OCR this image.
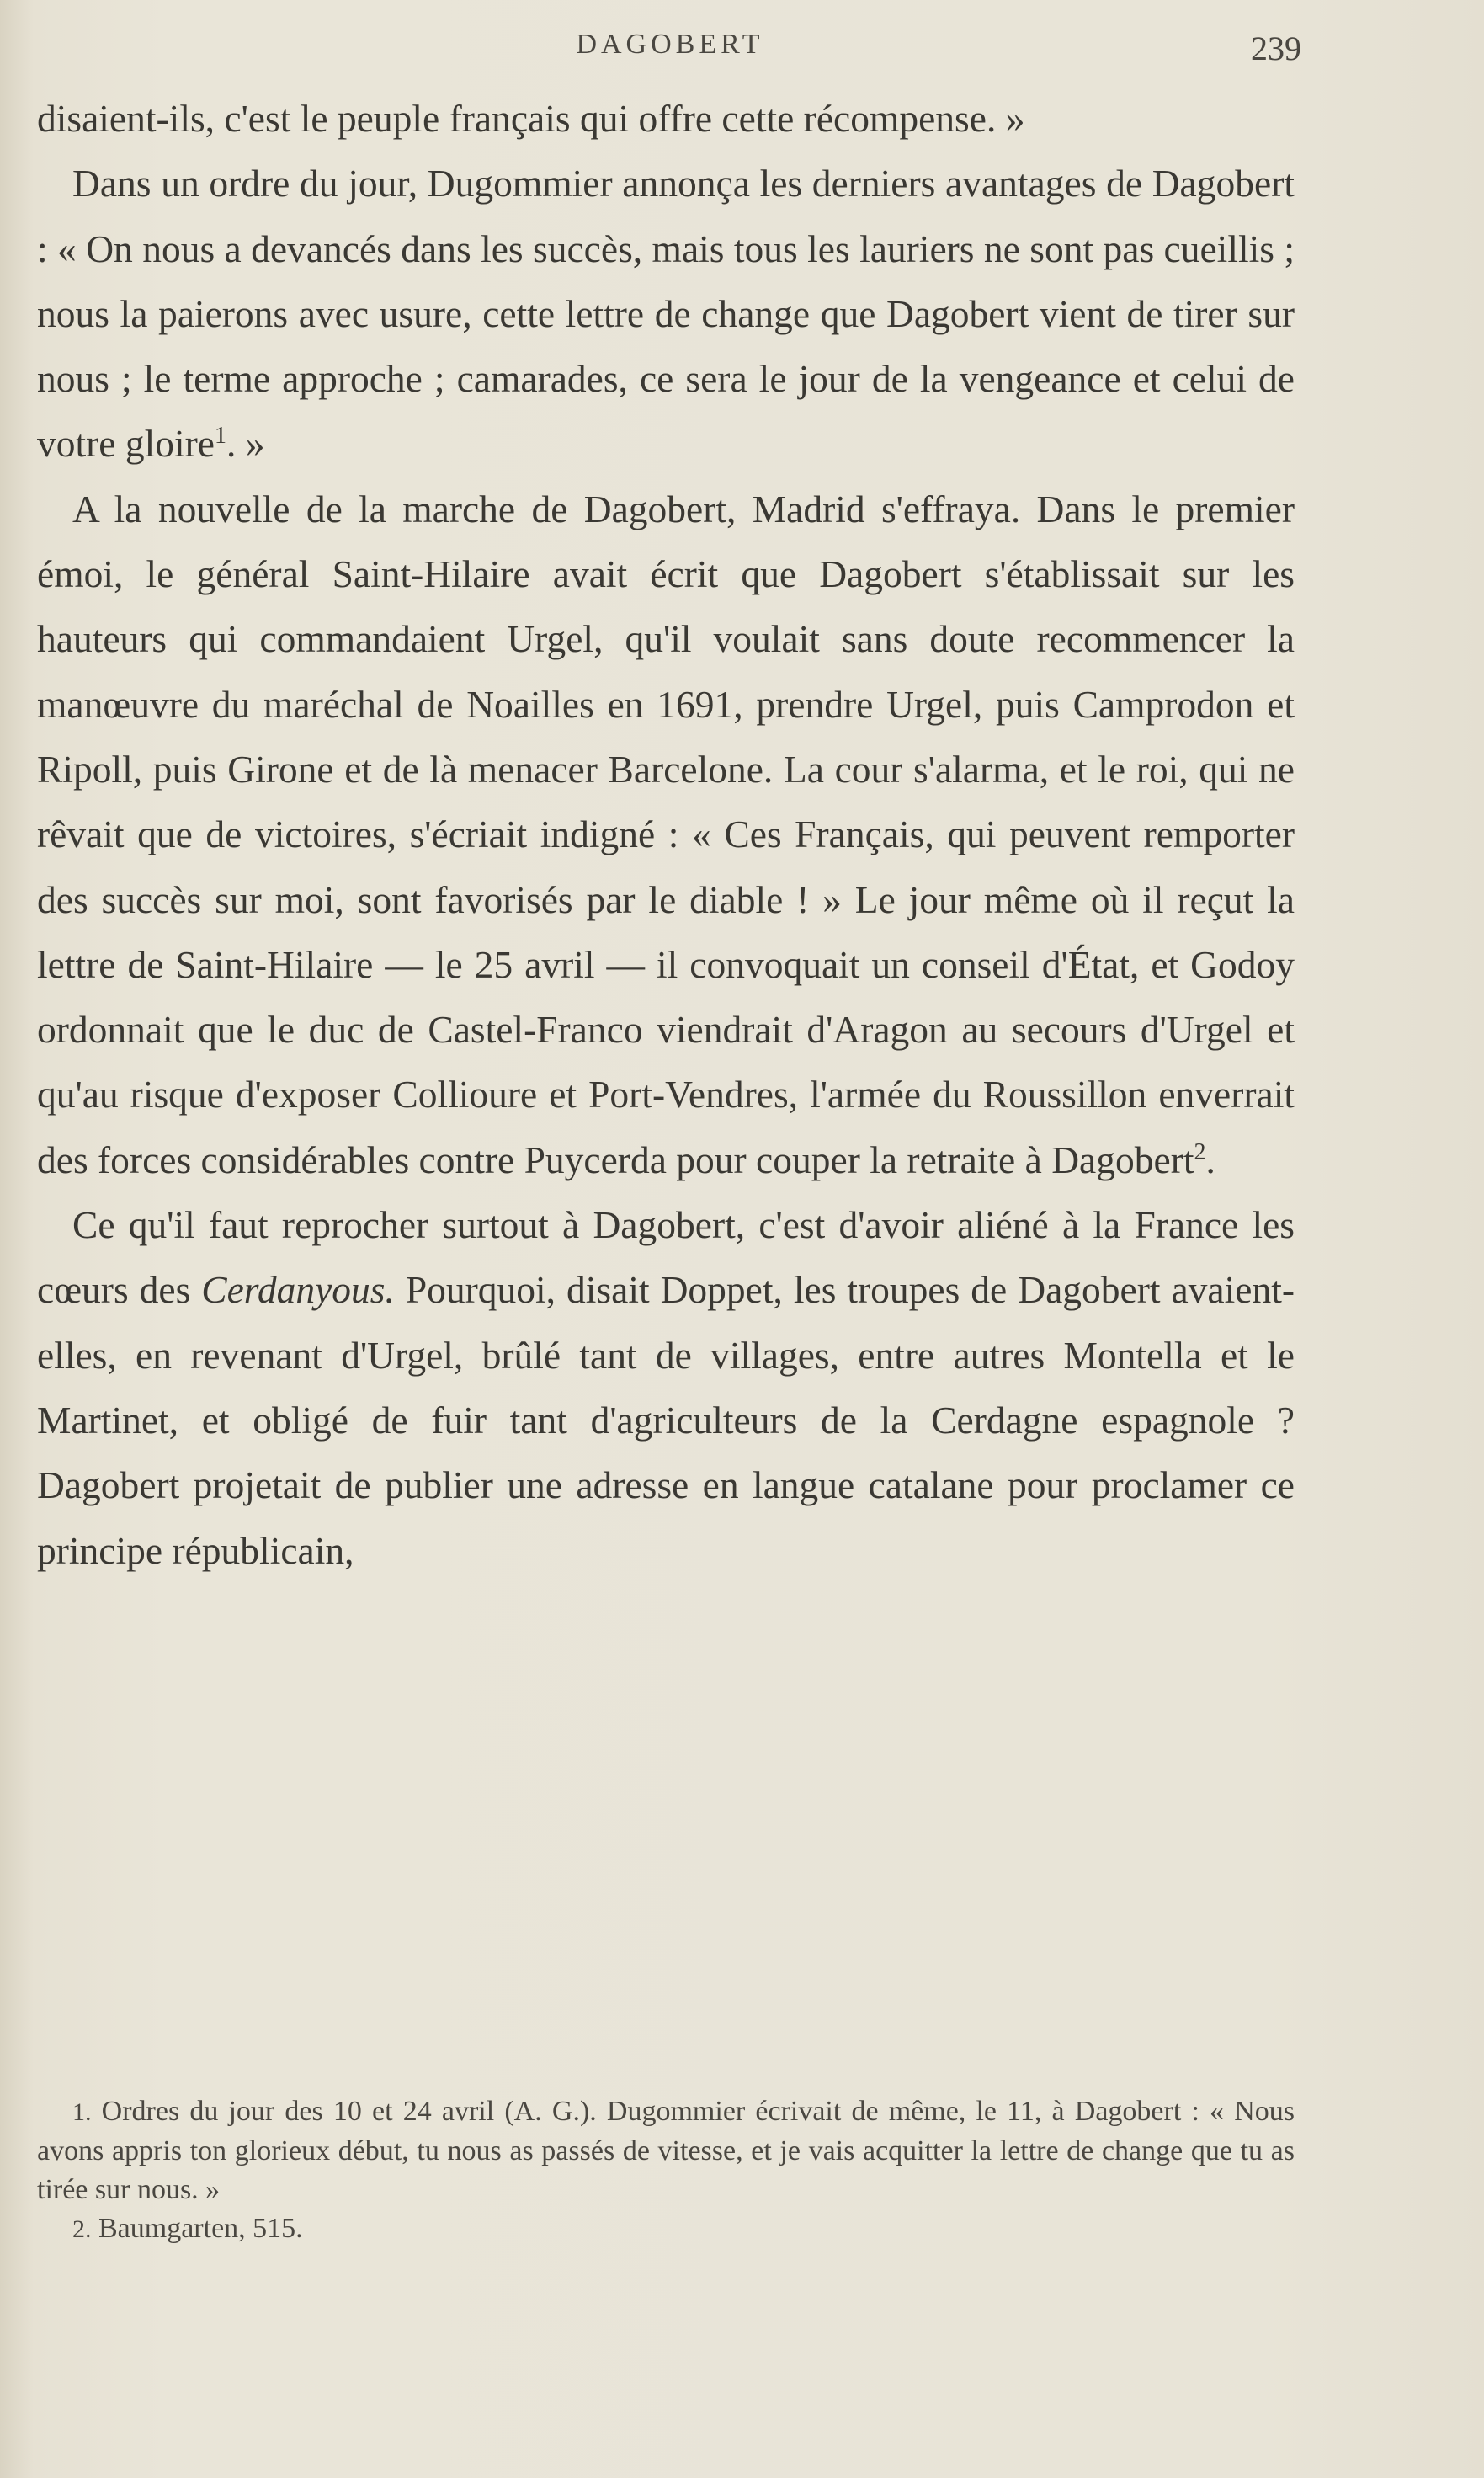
DAGOBERT	239

disaient-ils, c'est le peuple français qui offre cette récompense. »

Dans un ordre du jour, Dugommier annonça les derniers avantages de Dagobert : « On nous a devancés dans les succès, mais tous les lauriers ne sont pas cueillis ; nous la paierons avec usure, cette lettre de change que Dagobert vient de tirer sur nous ; le terme approche ; camarades, ce sera le jour de la vengeance et celui de votre gloire$^1$. »

A la nouvelle de la marche de Dagobert, Madrid s'effraya. Dans le premier émoi, le général Saint-Hilaire avait écrit que Dagobert s'établissait sur les hauteurs qui commandaient Urgel, qu'il voulait sans doute recommencer la manœuvre du maréchal de Noailles en 1691, prendre Urgel, puis Camprodon et Ripoll, puis Girone et de là menacer Barcelone. La cour s'alarma, et le roi, qui ne rêvait que de victoires, s'écriait indigné : « Ces Français, qui peuvent remporter des succès sur moi, sont favorisés par le diable ! » Le jour même où il reçut la lettre de Saint-Hilaire — le 25 avril — il convoquait un conseil d'État, et Godoy ordonnait que le duc de Castel-Franco viendrait d'Aragon au secours d'Urgel et qu'au risque d'exposer Collioure et Port-Vendres, l'armée du Roussillon enverrait des forces considérables contre Puycerda pour couper la retraite à Dagobert$^2$.

Ce qu'il faut reprocher surtout à Dagobert, c'est d'avoir aliéné à la France les cœurs des Cerdanyous. Pourquoi, disait Doppet, les troupes de Dagobert avaient-elles, en revenant d'Urgel, brûlé tant de villages, entre autres Montella et le Martinet, et obligé de fuir tant d'agriculteurs de la Cerdagne espagnole ? Dagobert projetait de publier une adresse en langue catalane pour proclamer ce principe républicain,

1. Ordres du jour des 10 et 24 avril (A. G.). Dugommier écrivait de même, le 11, à Dagobert : « Nous avons appris ton glorieux début, tu nous as passés de vitesse, et je vais acquitter la lettre de change que tu as tirée sur nous. »

2. Baumgarten, 515.
